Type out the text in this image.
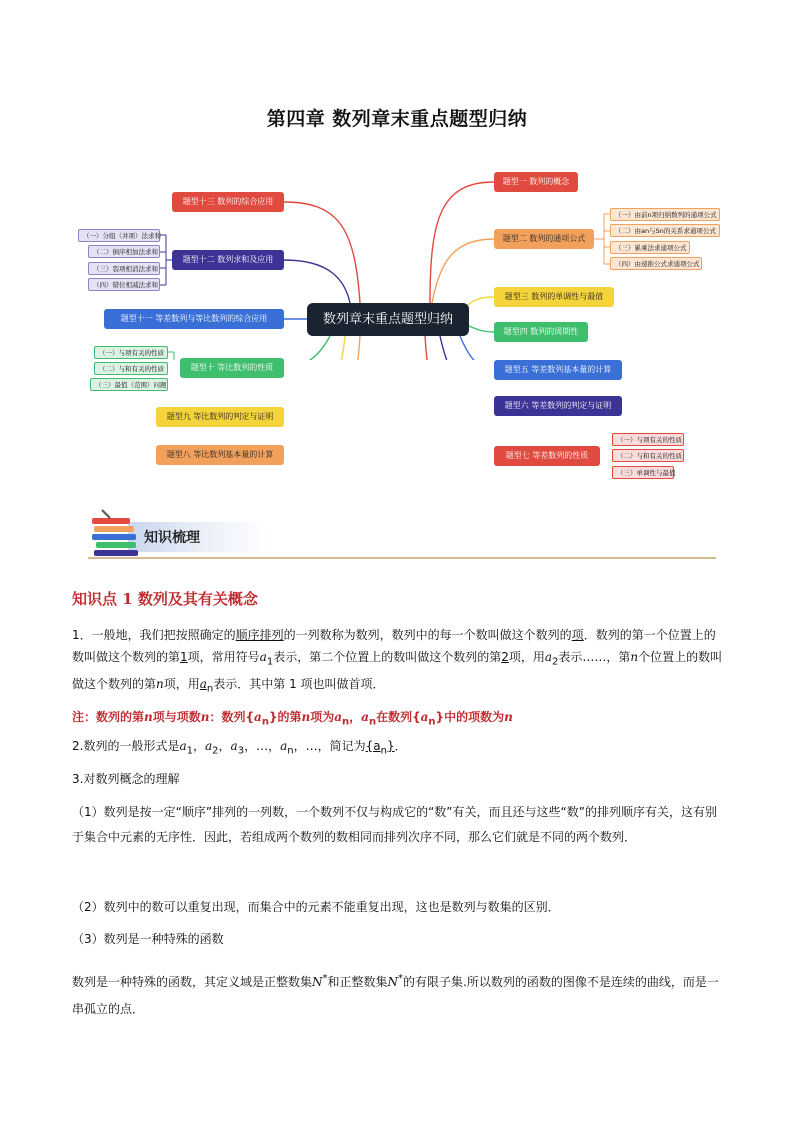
第四章 数列章末重点题型归纳
数列章末重点题型归纳
题型一 数列的概念
题型二 数列的通项公式
题型三 数列的单调性与最值
题型四 数列的周期性
题型五 等差数列基本量的计算
题型六 等差数列的判定与证明
题型七 等差数列的性质
（一）由前n项归纳数列的通项公式
（二）由an与Sn的关系求通项公式
（三）累乘法求通项公式
（四）由递推公式求通项公式
（一）与项有关的性质
（二）与和有关的性质
（三）单调性与最值
题型十三 数列的综合应用
题型十二 数列求和及应用
题型十一 等差数列与等比数列的综合应用
题型十 等比数列的性质
题型九 等比数列的判定与证明
题型八 等比数列基本量的计算
（一）分组（并项）法求和
（二）倒序相加法求和
（三）裂项相消法求和
（四）错位相减法求和
（一）与项有关的性质
（二）与和有关的性质
（三）最值（范围）问题
知识梳理
知识点 1 数列及其有关概念
1．一般地，我们把按照确定的顺序排列的一列数称为数列，数列中的每一个数叫做这个数列的项．数列的第一个位置上的数叫做这个数列的第1项，常用符号$a_1$表示，第二个位置上的数叫做这个数列的第2项，用$a_2$表示……，第n个位置上的数叫做这个数列的第n项，用$a_n$表示．其中第 1 项也叫做首项．
注：数列的第n项与项数n：数列$\{a_n\}$的第n项为$a_n$，$a_n$在数列$\{a_n\}$中的项数为n
2.数列的一般形式是$a_1$，$a_2$，$a_3$，…，$a_n$，…，简记为$\{a_n\}$．
3.对数列概念的理解
（1）数列是按一定“顺序”排列的一列数，一个数列不仅与构成它的“数”有关，而且还与这些“数”的排列顺序有关，这有别于集合中元素的无序性．因此，若组成两个数列的数相同而排列次序不同，那么它们就是不同的两个数列．
（2）数列中的数可以重复出现，而集合中的元素不能重复出现，这也是数列与数集的区别．
（3）数列是一种特殊的函数
数列是一种特殊的函数，其定义域是正整数集N*和正整数集N*的有限子集.所以数列的函数的图像不是连续的曲线，而是一串孤立的点．
